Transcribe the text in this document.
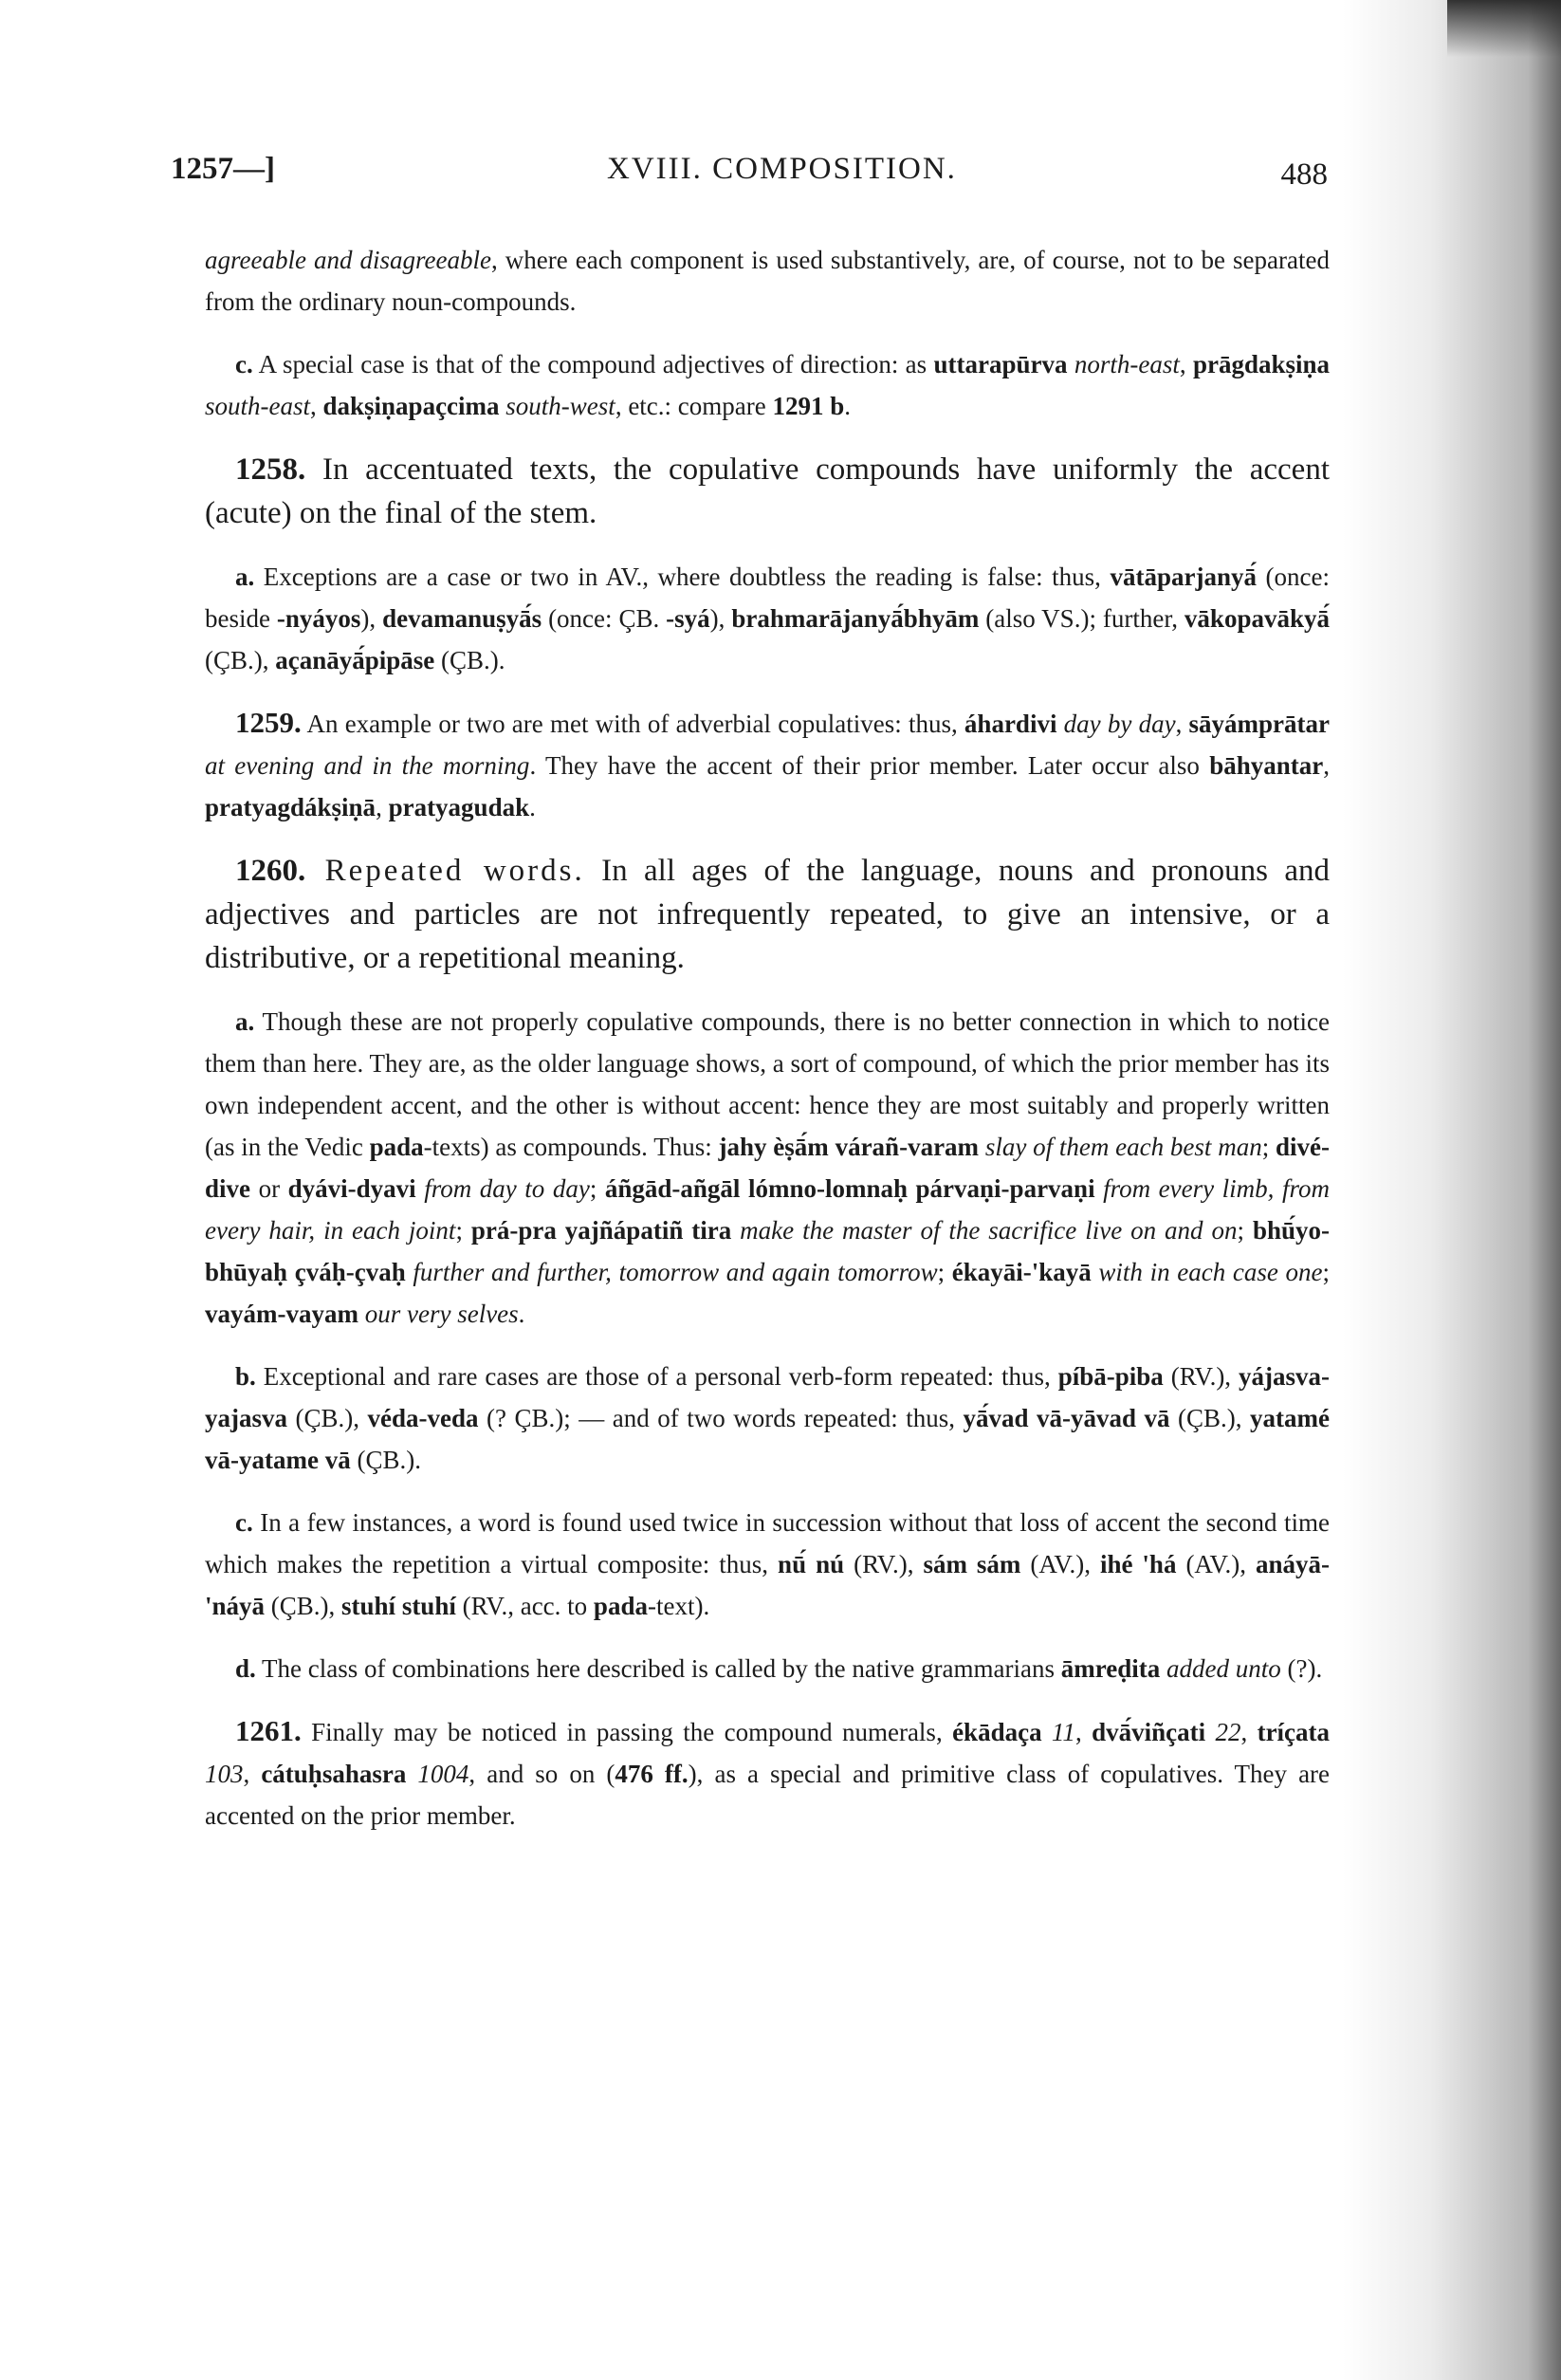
1257—]	XVIII. COMPOSITION.	488

agreeable and disagreeable, where each component is used substantively, are, of course, not to be separated from the ordinary noun-compounds.

c. A special case is that of the compound adjectives of direction: as uttarapūrva north-east, prāgdakṣiṇa south-east, dakṣiṇapaçcima south-west, etc.: compare 1291 b.

1258. In accentuated texts, the copulative compounds have uniformly the accent (acute) on the final of the stem.

a. Exceptions are a case or two in AV., where doubtless the reading is false: thus, vātāparjanyā́ (once: beside -nyáyos), devamanuṣyā́s (once: ÇB. -syá), brahmarājanyā́bhyām (also VS.); further, vākopavākyā́ (ÇB.), açanāyā́pipāse (ÇB.).

1259. An example or two are met with of adverbial copulatives: thus, áhardivi day by day, sāyámprātar at evening and in the morning. They have the accent of their prior member. Later occur also bāhyantar, pratyagdákṣiṇā, pratyagudak.

1260. Repeated words. In all ages of the language, nouns and pronouns and adjectives and particles are not infrequently repeated, to give an intensive, or a distributive, or a repetitional meaning.

a. Though these are not properly copulative compounds, there is no better connection in which to notice them than here. They are, as the older language shows, a sort of compound, of which the prior member has its own independent accent, and the other is without accent: hence they are most suitably and properly written (as in the Vedic pada-texts) as compounds. Thus: jahy èṣā́m várañ-varam slay of them each best man; divé-dive or dyávi-dyavi from day to day; áñgād-añgāl lómno-lomnaḥ párvaṇi-parvaṇi from every limb, from every hair, in each joint; prá-pra yajñápatiñ tira make the master of the sacrifice live on and on; bhū́yo-bhūyaḥ çváḥ-çvaḥ further and further, tomorrow and again tomorrow; ékayāi-'kayā with in each case one; vayám-vayam our very selves.

b. Exceptional and rare cases are those of a personal verb-form repeated: thus, píbā-piba (RV.), yájasva-yajasva (ÇB.), véda-veda (? ÇB.); — and of two words repeated: thus, yā́vad vā-yāvad vā (ÇB.), yatamé vā-yatame vā (ÇB.).

c. In a few instances, a word is found used twice in succession without that loss of accent the second time which makes the repetition a virtual composite: thus, nū́ nú (RV.), sám sám (AV.), ihé 'há (AV.), anáyā- 'náyā (ÇB.), stuhí stuhí (RV., acc. to pada-text).

d. The class of combinations here described is called by the native grammarians āmreḍita added unto (?).

1261. Finally may be noticed in passing the compound numerals, ékādaça 11, dvā́viñçati 22, tríçata 103, cátuḥsahasra 1004, and so on (476 ff.), as a special and primitive class of copulatives. They are accented on the prior member.
